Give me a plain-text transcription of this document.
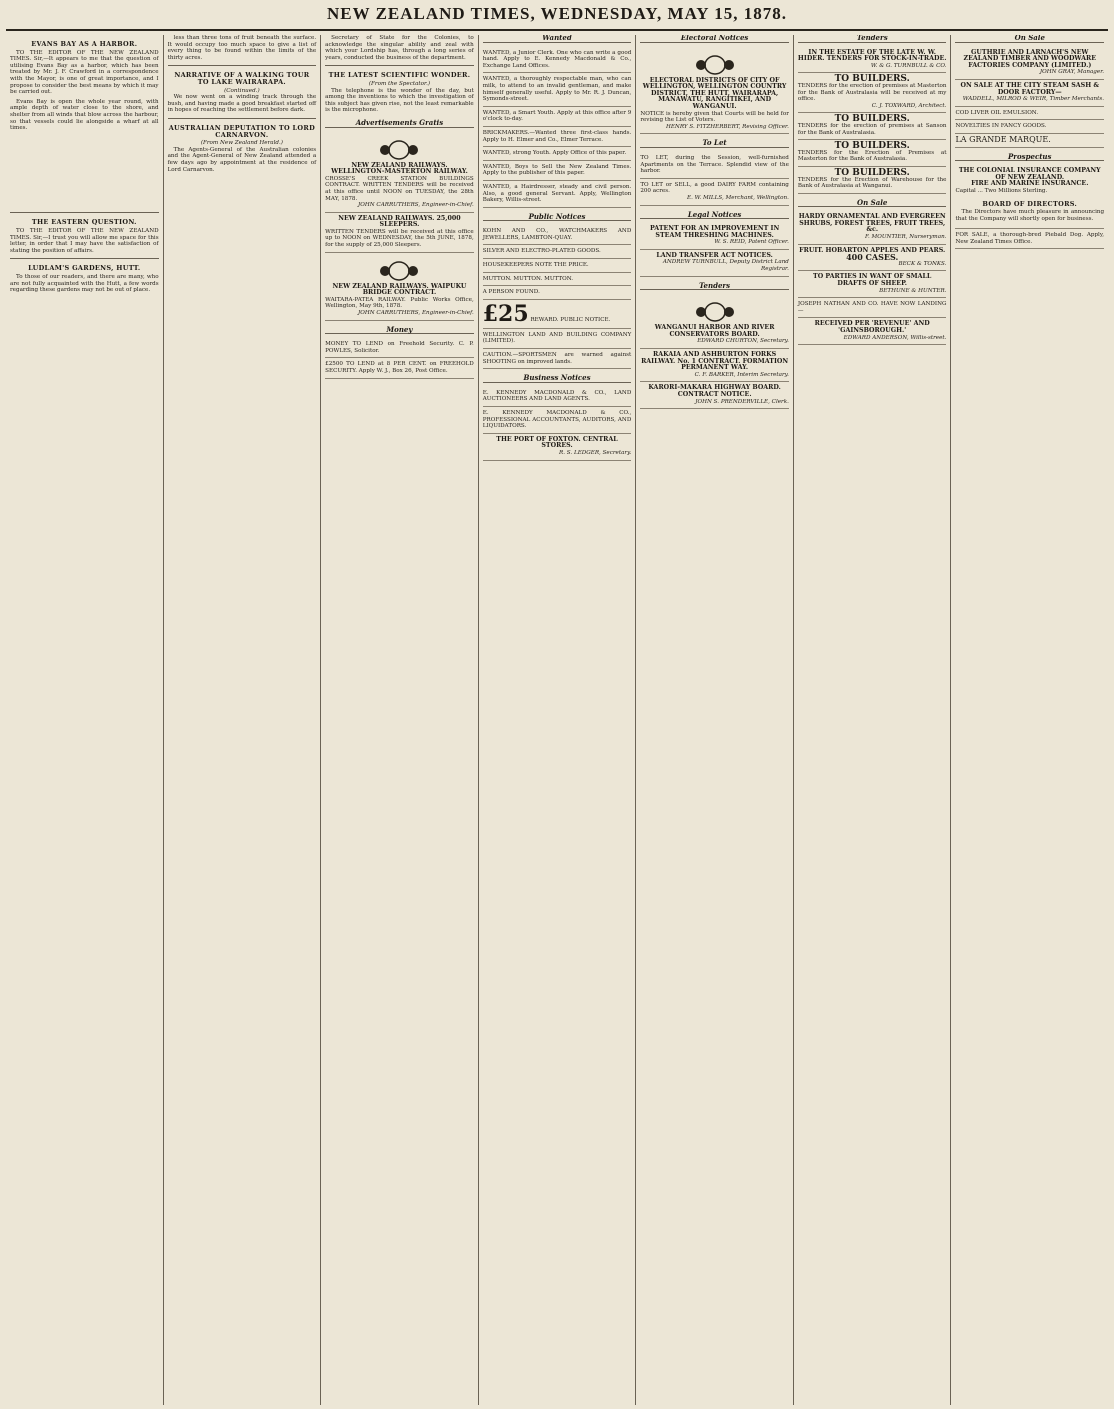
NEW ZEALAND TIMES, WEDNESDAY, MAY 15, 1878.
EVANS BAY AS A HARBOR.

TO THE EDITOR OF THE NEW ZEALAND TIMES. Sir,—It appears to me that the question of utilising Evans Bay as a harbor, which has been treated by Mr. J. F. Crawford in a correspondence with the Mayor, is one of great importance, and I propose to consider the best means by which it may be carried out.

Evans Bay is open the whole year round, with ample depth of water close to the shore, and shelter from all winds that blow across the harbour, so that vessels could lie alongside a wharf at all times.

THE EASTERN QUESTION.

TO THE EDITOR OF THE NEW ZEALAND TIMES. Sir,—I trust you will allow me space for this letter, in order that I may have the satisfaction of stating the position of affairs.

LUDLAM'S GARDENS, HUTT.

To those of our readers, and there are many, who are not fully acquainted with the Hutt, a few words regarding these gardens may not be out of place.

less than three tons of fruit beneath the surface. It would occupy too much space to give a list of every thing to be found within the limits of the thirty acres.

NARRATIVE OF A WALKING TOUR TO LAKE WAIRARAPA.
(Continued.)

We now went on a winding track through the bush, and having made a good breakfast started off in hopes of reaching the settlement before dark.

AUSTRALIAN DEPUTATION TO LORD CARNARVON.
(From New Zealand Herald.)

The Agents-General of the Australian colonies and the Agent-General of New Zealand attended a few days ago by appointment at the residence of Lord Carnarvon.

Secretary of State for the Colonies, to acknowledge the singular ability and zeal with which your Lordship has, through a long series of years, conducted the business of the department.

THE LATEST SCIENTIFIC WONDER.
(From the Spectator.)

The telephone is the wonder of the day, but among the inventions to which the investigation of this subject has given rise, not the least remarkable is the microphone.

Advertisements Gratis
NEW ZEALAND RAILWAYS. WELLINGTON-MASTERTON RAILWAY.
CROSSE'S CREEK STATION BUILDINGS CONTRACT. WRITTEN TENDERS will be received at this office until NOON on TUESDAY, the 28th MAY, 1878.
JOHN CARRUTHERS, Engineer-in-Chief.
NEW ZEALAND RAILWAYS. 25,000 SLEEPERS.
WRITTEN TENDERS will be received at this office up to NOON on WEDNESDAY, the 5th JUNE, 1878, for the supply of 25,000 Sleepers.
NEW ZEALAND RAILWAYS. WAIPUKU BRIDGE CONTRACT.
WAITARA-PATEA RAILWAY. Public Works Office, Wellington, May 9th, 1878.
JOHN CARRUTHERS, Engineer-in-Chief.
Money
MONEY TO LEND on Freehold Security. C. P. POWLES, Solicitor.
£2500 TO LEND at 8 PER CENT. on FREEHOLD SECURITY. Apply W. J., Box 26, Post Office.
Wanted
WANTED, a Junior Clerk. One who can write a good hand. Apply to E. Kennedy Macdonald & Co., Exchange Land Offices.
WANTED, a thoroughly respectable man, who can milk, to attend to an invalid gentleman, and make himself generally useful. Apply to Mr. R. J. Duncan, Symonds-street.
WANTED, a Smart Youth. Apply at this office after 9 o'clock to-day.
BRICKMAKERS.—Wanted three first-class hands. Apply to H. Elmer and Co., Elmer Terrace.
WANTED, strong Youth. Apply Office of this paper.
WANTED, Boys to Sell the New Zealand Times. Apply to the publisher of this paper.
WANTED, a Hairdresser, steady and civil person. Also, a good general Servant. Apply, Wellington Bakery, Willis-street.
Public Notices
KOHN AND CO., WATCHMAKERS AND JEWELLERS, LAMBTON-QUAY.
SILVER AND ELECTRO-PLATED GOODS.
HOUSEKEEPERS NOTE THE PRICE.
MUTTON. MUTTON. MUTTON.
A PERSON FOUND.
£25 REWARD. PUBLIC NOTICE.
WELLINGTON LAND AND BUILDING COMPANY (LIMITED).
CAUTION.—SPORTSMEN are warned against SHOOTING on improved lands.
Business Notices
E. KENNEDY MACDONALD & CO., LAND AUCTIONEERS AND LAND AGENTS.
E. KENNEDY MACDONALD & CO., PROFESSIONAL ACCOUNTANTS, AUDITORS, AND LIQUIDATORS.
THE PORT OF FOXTON. CENTRAL STORES.
R. S. LEDGER, Secretary.
Electoral Notices
ELECTORAL DISTRICTS OF CITY OF WELLINGTON, WELLINGTON COUNTRY DISTRICT, THE HUTT, WAIRARAPA, MANAWATU, RANGITIKEI, AND WANGANUI.
NOTICE is hereby given that Courts will be held for revising the List of Voters.
HENRY S. FITZHERBERT, Revising Officer.
To Let
TO LET, during the Session, well-furnished Apartments on the Terrace. Splendid view of the harbor.
TO LET or SELL, a good DAIRY FARM containing 200 acres.
E. W. MILLS, Merchant, Wellington.
Legal Notices
PATENT FOR AN IMPROVEMENT IN STEAM THRESHING MACHINES.
W. S. REID, Patent Officer.
LAND TRANSFER ACT NOTICES.
ANDREW TURNBULL, Deputy District Land Registrar.
Tenders
WANGANUI HARBOR AND RIVER CONSERVATORS BOARD.
EDWARD CHURTON, Secretary.
RAKAIA AND ASHBURTON FORKS RAILWAY. No. 1 CONTRACT. FORMATION PERMANENT WAY.
C. F. BARKER, Interim Secretary.
KARORI-MAKARA HIGHWAY BOARD. CONTRACT NOTICE.
JOHN S. PRENDERVILLE, Clerk.
Tenders
IN THE ESTATE OF THE LATE W. W. HIDER. TENDERS FOR STOCK-IN-TRADE.
W. & G. TURNBULL & CO.
TO BUILDERS.
TENDERS for the erection of premises at Masterton for the Bank of Australasia will be received at my office.
C. J. TOXWARD, Architect.
TO BUILDERS.
TENDERS for the erection of premises at Sanson for the Bank of Australasia.
TO BUILDERS.
TENDERS for the Erection of Premises at Masterton for the Bank of Australasia.
TO BUILDERS.
TENDERS for the Erection of Warehouse for the Bank of Australasia at Wanganui.
On Sale
HARDY ORNAMENTAL AND EVERGREEN SHRUBS, FOREST TREES, FRUIT TREES, &c.
F. MOUNTIER, Nurseryman.
FRUIT. HOBARTON APPLES AND PEARS.
400 CASES.
BECK & TONKS.
TO PARTIES IN WANT OF SMALL DRAFTS OF SHEEP.
BETHUNE & HUNTER.
JOSEPH NATHAN AND CO. HAVE NOW LANDING—
RECEIVED PER 'REVENUE' AND 'GAINSBOROUGH.'
EDWARD ANDERSON, Willis-street.
On Sale
GUTHRIE AND LARNACH'S NEW ZEALAND TIMBER AND WOODWARE FACTORIES COMPANY (LIMITED.)
JOHN GRAY, Manager.
ON SALE AT THE CITY STEAM SASH & DOOR FACTORY—
WADDELL, MILROD & WEIR, Timber Merchants.
COD LIVER OIL EMULSION.
NOVELTIES IN FANCY GOODS.
LA GRANDE MARQUE.
Prospectus
THE COLONIAL INSURANCE COMPANY OF NEW ZEALAND.
FIRE AND MARINE INSURANCE.
Capital ... Two Millions Sterling.
BOARD OF DIRECTORS.

The Directors have much pleasure in announcing that the Company will shortly open for business.

FOR SALE, a thorough-bred Piebald Dog. Apply, New Zealand Times Office.
